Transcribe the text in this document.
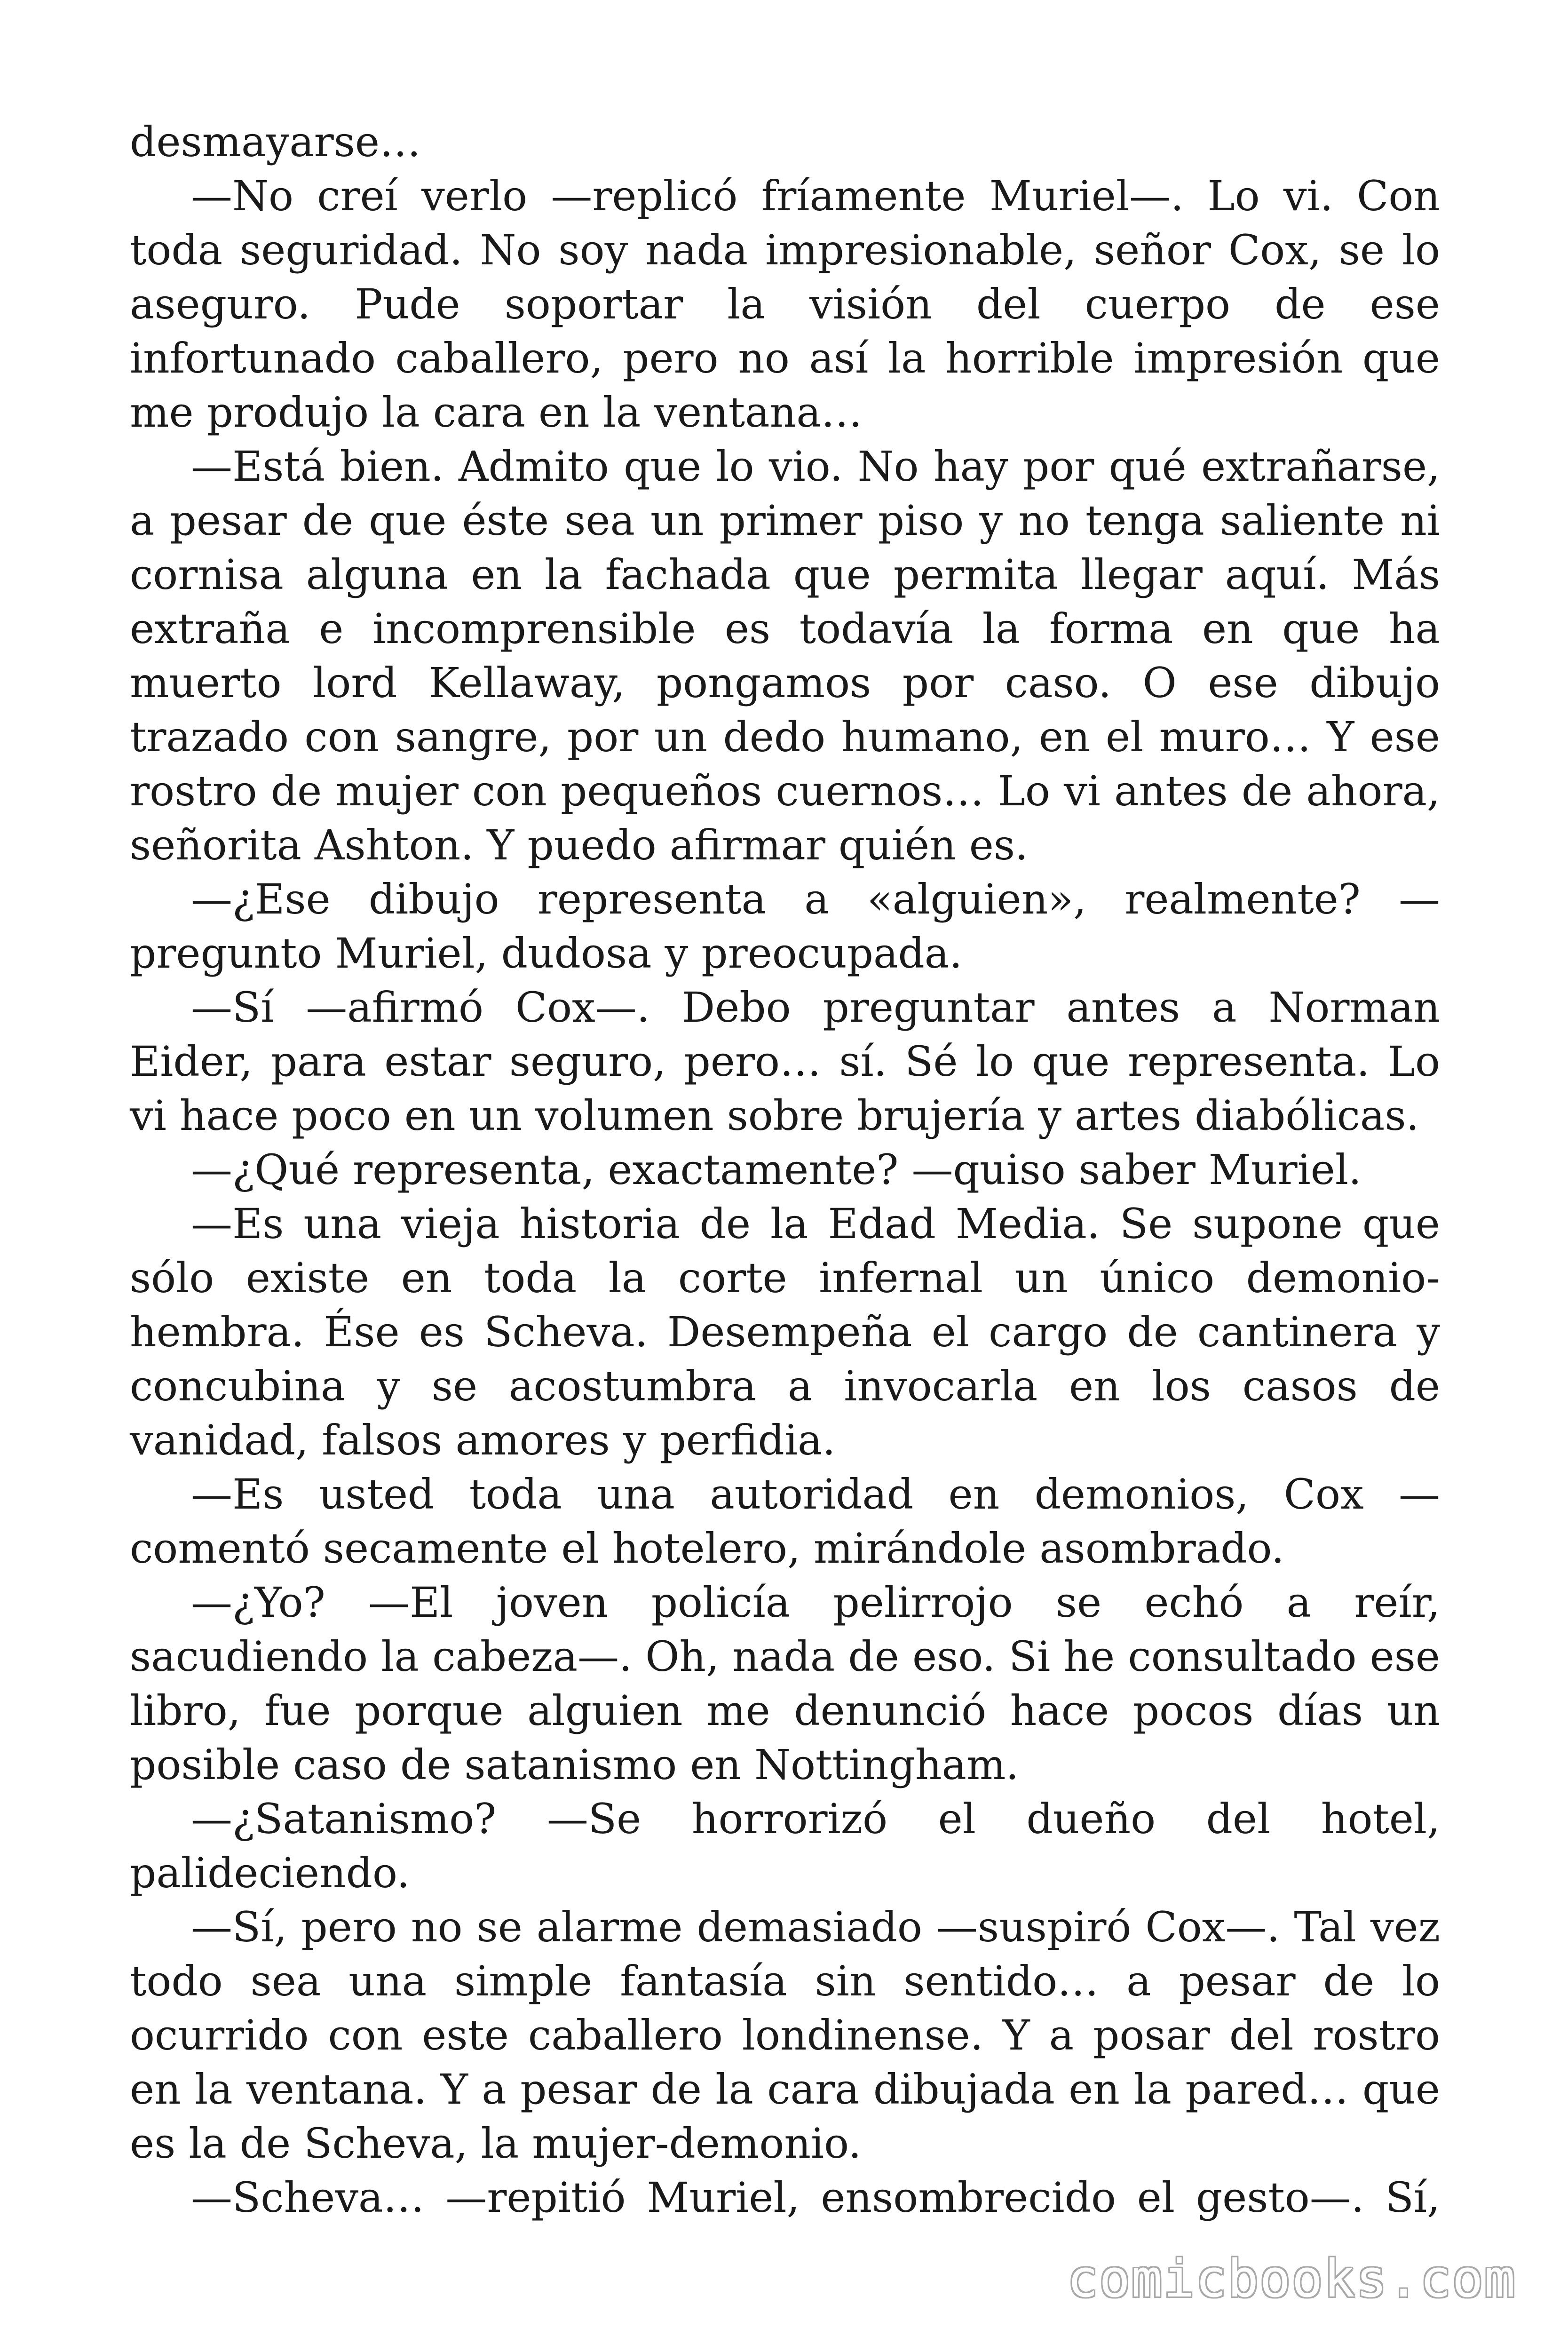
desmayarse…

—No creí verlo —replicó fríamente Muriel—. Lo vi. Con toda seguridad. No soy nada impresionable, señor Cox, se lo aseguro. Pude soportar la visión del cuerpo de ese infortunado caballero, pero no así la horrible impresión que me produjo la cara en la ventana…

—Está bien. Admito que lo vio. No hay por qué extrañarse, a pesar de que éste sea un primer piso y no tenga saliente ni cornisa alguna en la fachada que permita llegar aquí. Más extraña e incomprensible es todavía la forma en que ha muerto lord Kellaway, pongamos por caso. O ese dibujo trazado con sangre, por un dedo humano, en el muro… Y ese rostro de mujer con pequeños cuernos… Lo vi antes de ahora, señorita Ashton. Y puedo afirmar quién es.

—¿Ese dibujo representa a «alguien», realmente? —pregunto Muriel, dudosa y preocupada.

—Sí —afirmó Cox—. Debo preguntar antes a Norman Eider, para estar seguro, pero… sí. Sé lo que representa. Lo vi hace poco en un volumen sobre brujería y artes diabólicas.

—¿Qué representa, exactamente? —quiso saber Muriel.

—Es una vieja historia de la Edad Media. Se supone que sólo existe en toda la corte infernal un único demonio-hembra. Ése es Scheva. Desempeña el cargo de cantinera y concubina y se acostumbra a invocarla en los casos de vanidad, falsos amores y perfidia.

—Es usted toda una autoridad en demonios, Cox —comentó secamente el hotelero, mirándole asombrado.

—¿Yo? —El joven policía pelirrojo se echó a reír, sacudiendo la cabeza—. Oh, nada de eso. Si he consultado ese libro, fue porque alguien me denunció hace pocos días un posible caso de satanismo en Nottingham.

—¿Satanismo? —Se horrorizó el dueño del hotel, palideciendo.

—Sí, pero no se alarme demasiado —suspiró Cox—. Tal vez todo sea una simple fantasía sin sentido… a pesar de lo ocurrido con este caballero londinense. Y a posar del rostro en la ventana. Y a pesar de la cara dibujada en la pared… que es la de Scheva, la mujer-demonio.

—Scheva… —repitió Muriel, ensombrecido el gesto—. Sí,

comicbooks.com
